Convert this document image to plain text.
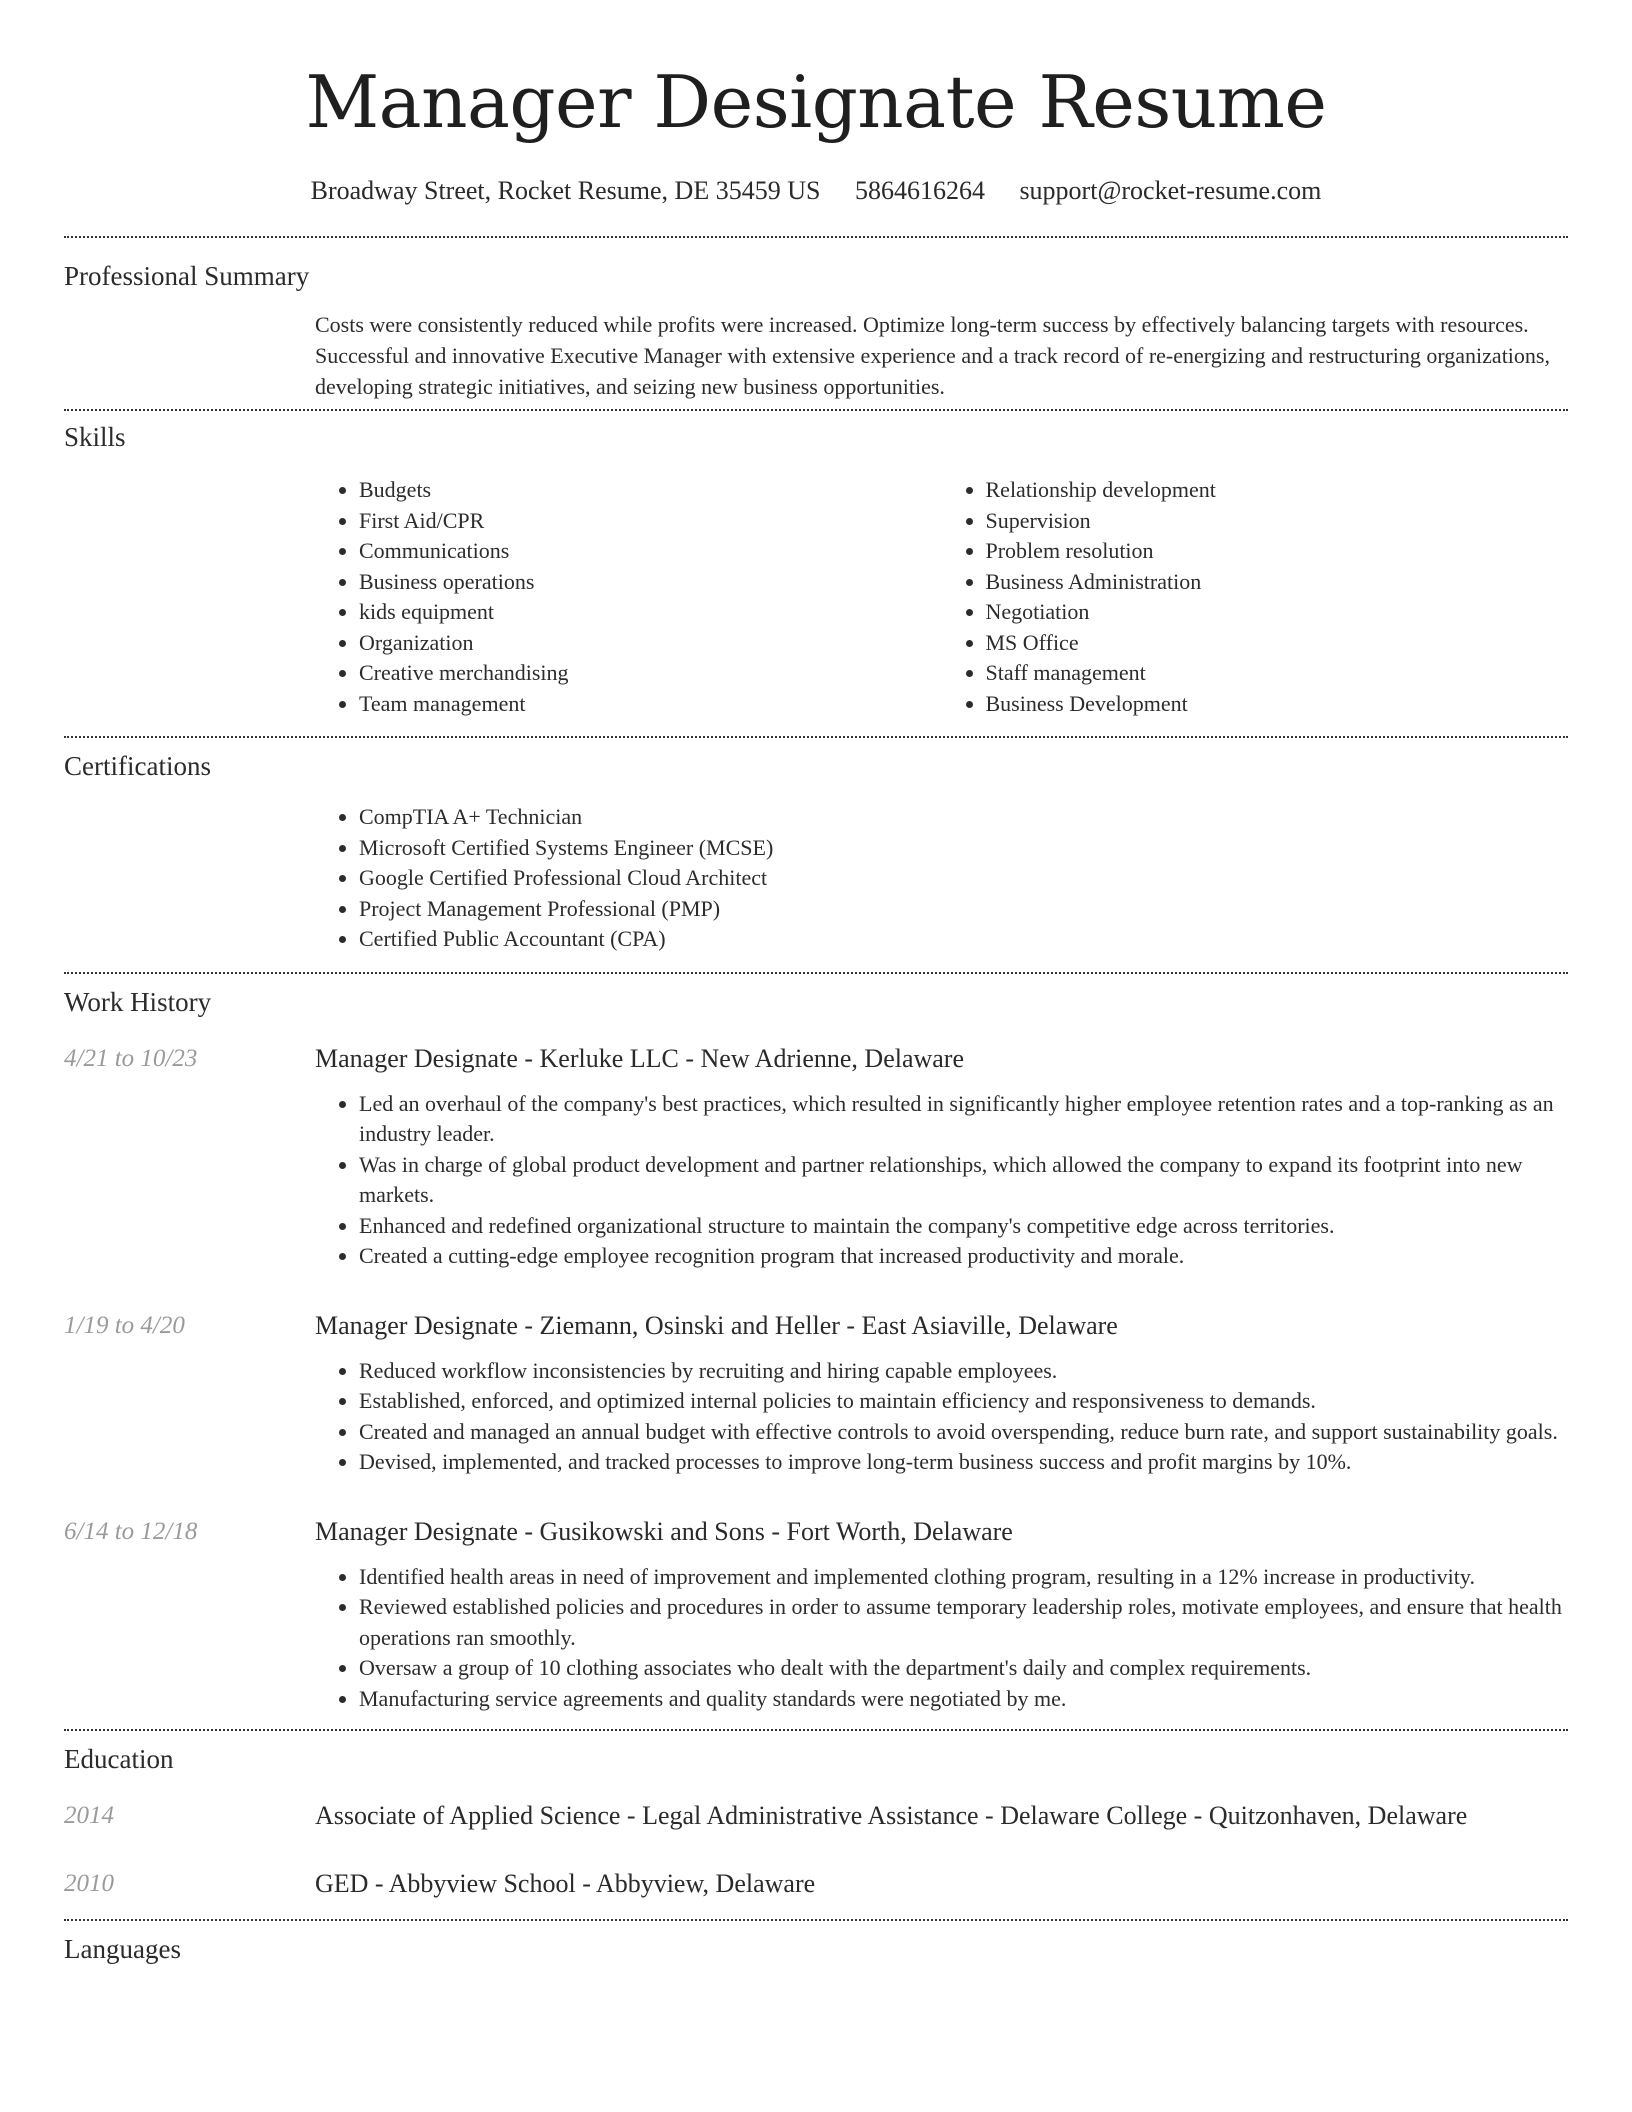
Manager Designate Resume
Broadway Street, Rocket Resume, DE 35459 US 5864616264 support@rocket-resume.com
Professional Summary
Costs were consistently reduced while profits were increased. Optimize long-term success by effectively balancing targets with resources. Successful and innovative Executive Manager with extensive experience and a track record of re-energizing and restructuring organizations, developing strategic initiatives, and seizing new business opportunities.
Skills
• Budgets
• First Aid/CPR
• Communications
• Business operations
• kids equipment
• Organization
• Creative merchandising
• Team management
• Relationship development
• Supervision
• Problem resolution
• Business Administration
• Negotiation
• MS Office
• Staff management
• Business Development
Certifications
• CompTIA A+ Technician
• Microsoft Certified Systems Engineer (MCSE)
• Google Certified Professional Cloud Architect
• Project Management Professional (PMP)
• Certified Public Accountant (CPA)
Work History
4/21 to 10/23	Manager Designate - Kerluke LLC - New Adrienne, Delaware
• Led an overhaul of the company's best practices, which resulted in significantly higher employee retention rates and a top-ranking as an industry leader.
• Was in charge of global product development and partner relationships, which allowed the company to expand its footprint into new markets.
• Enhanced and redefined organizational structure to maintain the company's competitive edge across territories.
• Created a cutting-edge employee recognition program that increased productivity and morale.
1/19 to 4/20	Manager Designate - Ziemann, Osinski and Heller - East Asiaville, Delaware
• Reduced workflow inconsistencies by recruiting and hiring capable employees.
• Established, enforced, and optimized internal policies to maintain efficiency and responsiveness to demands.
• Created and managed an annual budget with effective controls to avoid overspending, reduce burn rate, and support sustainability goals.
• Devised, implemented, and tracked processes to improve long-term business success and profit margins by 10%.
6/14 to 12/18	Manager Designate - Gusikowski and Sons - Fort Worth, Delaware
• Identified health areas in need of improvement and implemented clothing program, resulting in a 12% increase in productivity.
• Reviewed established policies and procedures in order to assume temporary leadership roles, motivate employees, and ensure that health operations ran smoothly.
• Oversaw a group of 10 clothing associates who dealt with the department's daily and complex requirements.
• Manufacturing service agreements and quality standards were negotiated by me.
Education
2014	Associate of Applied Science - Legal Administrative Assistance - Delaware College - Quitzonhaven, Delaware
2010	GED - Abbyview School - Abbyview, Delaware
Languages
